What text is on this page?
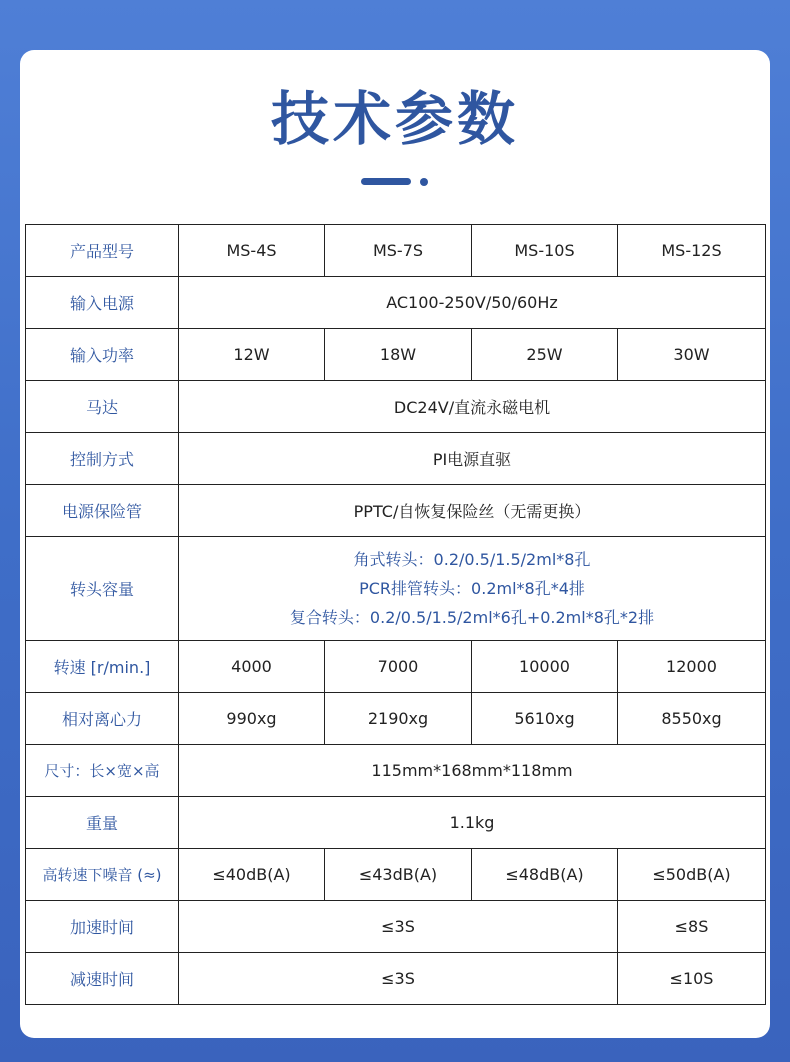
技术参数
产品型号	MS-4S	MS-7S	MS-10S	MS-12S
输入电源	AC100-250V/50/60Hz			
输入功率	12W	18W	25W	30W
马达	DC24V/直流永磁电机			
控制方式	PI电源直驱			
电源保险管	PPTC/自恢复保险丝（无需更换）			
转头容量	角式转头：0.2/0.5/1.5/2ml*8孔
PCR排管转头：0.2ml*8孔*4排
复合转头：0.2/0.5/1.5/2ml*6孔+0.2ml*8孔*2排			

转速 [r/min.]	4000	7000	10000	12000
相对离心力	990xg	2190xg	5610xg	8550xg
尺寸：长×宽×高	115mm*168mm*118mm			
重量	1.1kg			
高转速下噪音 (≈)	≤40dB(A)	≤43dB(A)	≤48dB(A)	≤50dB(A)
加速时间	≤3S			≤8S
减速时间	≤3S			≤10S
